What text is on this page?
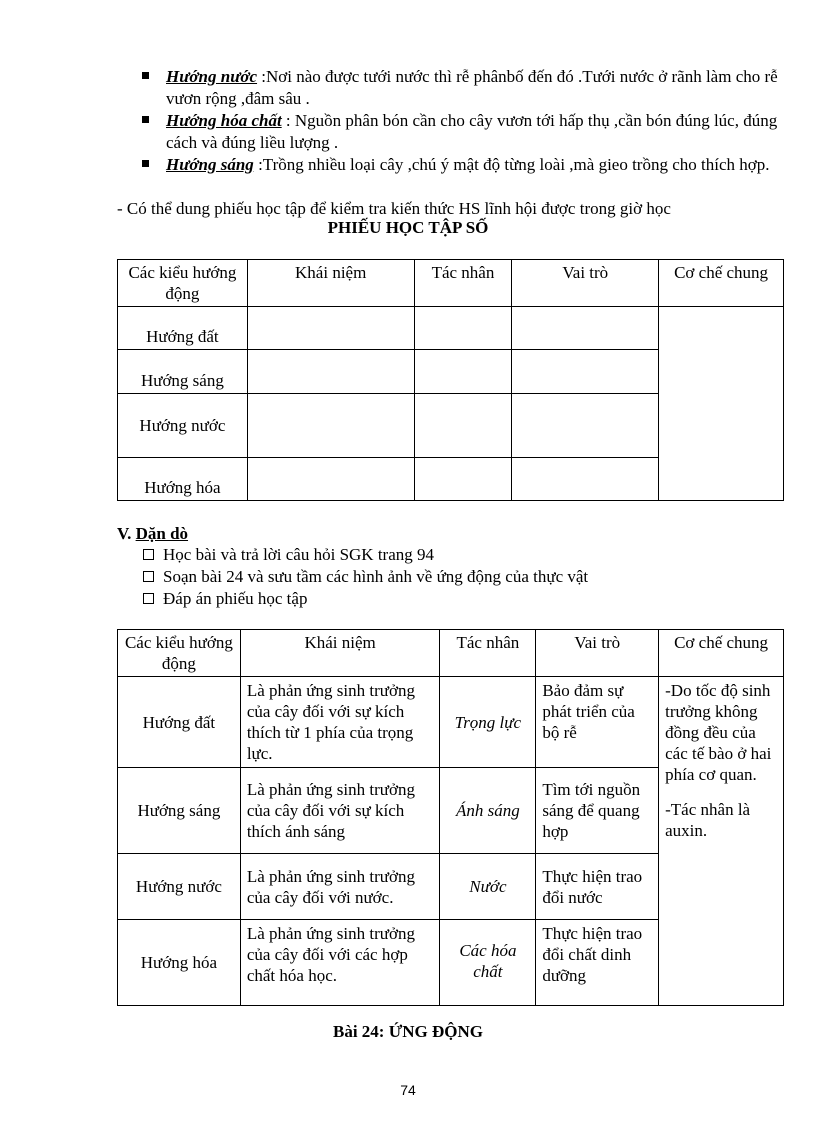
Hướng nước :Nơi nào được tưới nước thì rễ phânbố đến đó .Tưới nước ở rãnh làm cho rễ vươn rộng ,đâm sâu .
Hướng hóa chất : Nguồn phân bón cần cho cây vươn tới hấp thụ ,cần bón đúng lúc, đúng cách và đúng liều lượng .
Hướng sáng :Trồng nhiều loại cây ,chú ý mật độ từng loài ,mà gieo trồng cho thích hợp.
- Có thể dung phiếu học tập để kiểm tra kiến thức HS lĩnh hội được trong giờ học
PHIẾU HỌC TẬP SỐ
Các kiểu hướng động	Khái niệm	Tác nhân	Vai trò	Cơ chế chung
Hướng đất				
Hướng sáng				
Hướng nước				
Hướng hóa				
V. Dặn dò
Học bài và trả lời câu hỏi SGK trang 94
Soạn bài 24 và sưu tầm các hình ảnh về ứng động của thực vật
Đáp án phiếu học tập
Các kiểu hướng động	Khái niệm	Tác nhân	Vai trò	Cơ chế chung
Hướng đất	Là phản ứng sinh trưởng của cây đối với sự kích thích từ 1 phía của trọng lực.	Trọng lực	Bảo đảm sự phát triển của bộ rễ	-Do tốc độ sinh trưởng không đồng đều của các tế bào ở hai phía cơ quan.

-Tác nhân là auxin.

Hướng sáng	Là phản ứng sinh trưởng của cây đối với sự kích thích ánh sáng	Ánh sáng	Tìm tới nguồn sáng để quang hợp	
Hướng nước	Là phản ứng sinh trưởng của cây đối với nước.	Nước	Thực hiện trao đổi nước	
Hướng hóa	Là phản ứng sinh trưởng của cây đối với các hợp chất hóa học.	Các hóa chất	Thực hiện trao đổi chất dinh dưỡng	
Bài 24: ỨNG ĐỘNG
74
